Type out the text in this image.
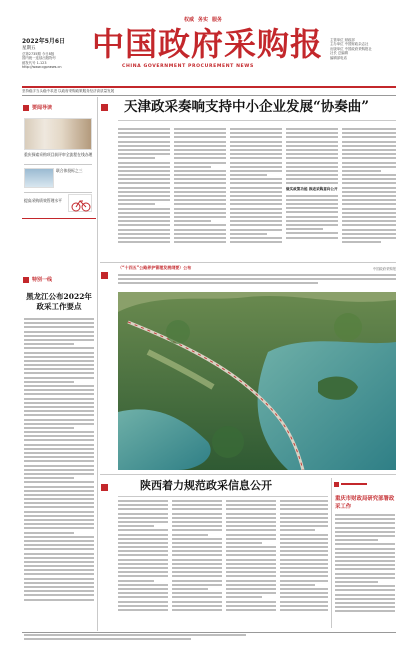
2022年5月6日
星期五
总第2735期 今日8版
国内统一连续出版物号
邮发代号 1-123
http://www.cgpnews.cn
权威 务实 服务
中国政府采购报
CHINA GOVERNMENT PROCUREMENT NEWS
主管单位 财政部
主办单位 中国财政杂志社
出版单位 中国政府采购报社
社长 总编辑
编辑部电话
坚持稳字当头稳中求进 以政府采购政策服务经济高质量发展
要闻导读
重庆探索采购项目前评审全流程在线办理
联合体投标之三
提高采购绩效管理水平
特别一线
黑龙江公布2022年政采工作要点
天津政采奏响支持中小企业发展“协奏曲”
做实政策功能 推进采购意向公开
（“十四五”公路养护管理发展纲要）公布	中国政府采购报
陕西着力规范政采信息公开
重庆市财政局研究部署政采工作
